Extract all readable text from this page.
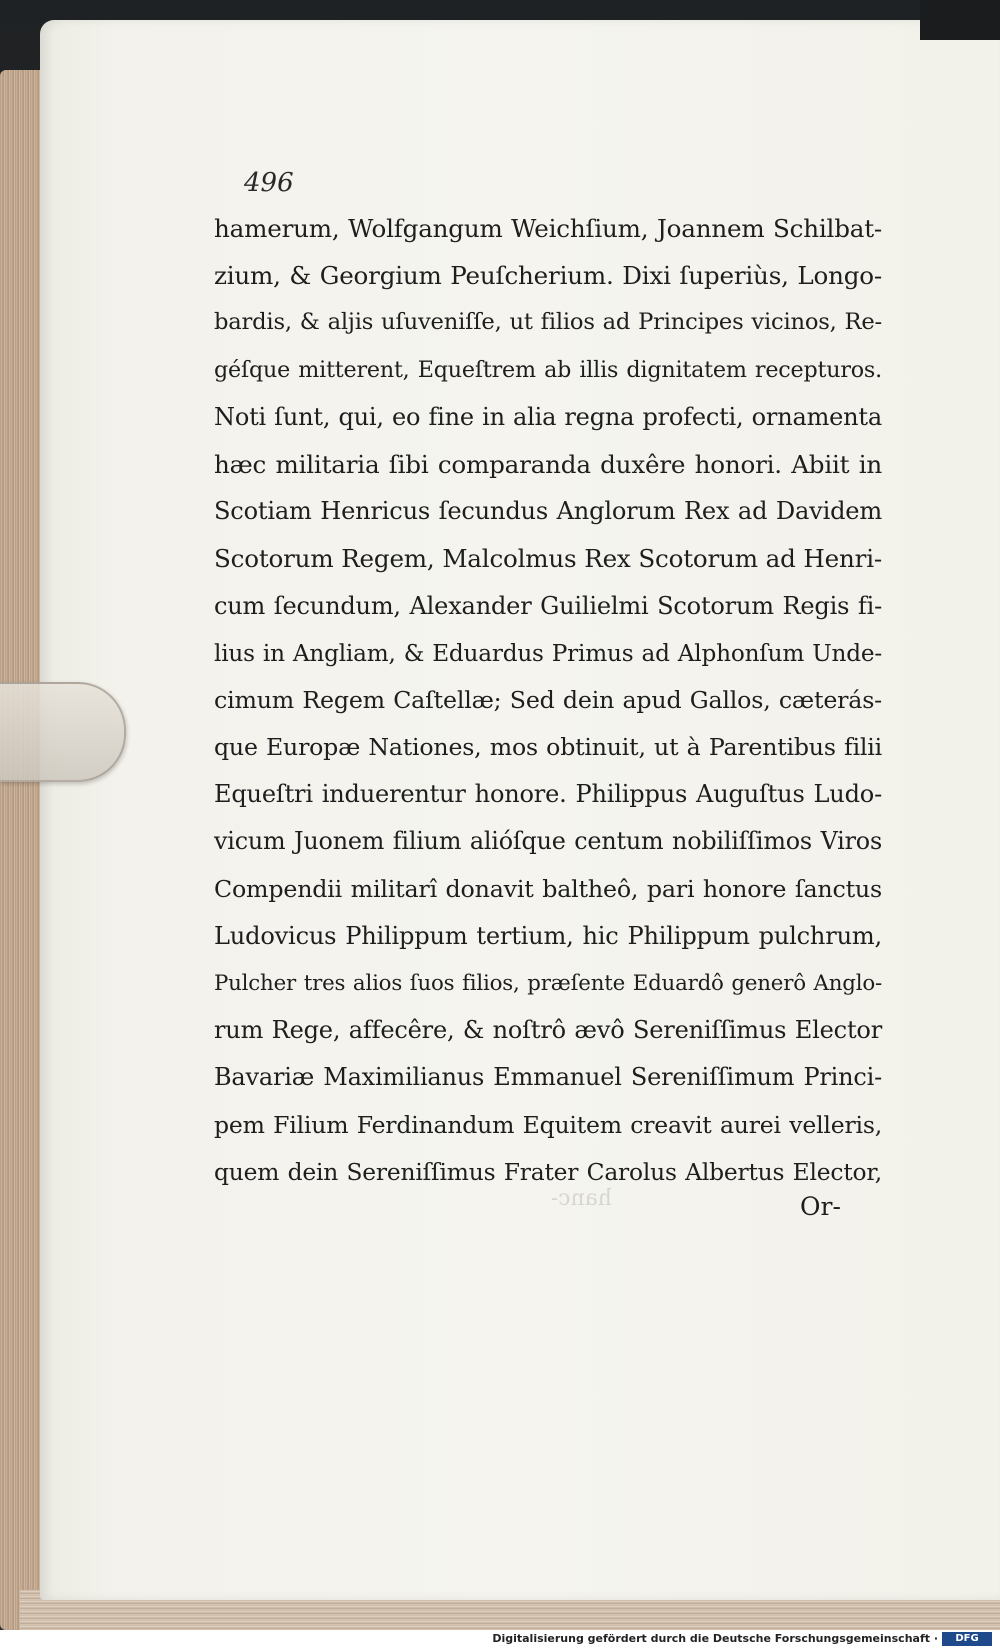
496
hamerum, Wolfgangum Weichſium, Joannem Schilbat-
zium, & Georgium Peuſcherium. Dixi ſuperiùs, Longo-
bardis, & aljis uſuveniſſe, ut filios ad Principes vicinos, Re-
géſque mitterent, Equeſtrem ab illis dignitatem recepturos.
Noti ſunt, qui, eo fine in alia regna profecti, ornamenta
hæc militaria ſibi comparanda duxêre honori. Abiit in
Scotiam Henricus ſecundus Anglorum Rex ad Davidem
Scotorum Regem, Malcolmus Rex Scotorum ad Henri-
cum ſecundum, Alexander Guilielmi Scotorum Regis fi-
lius in Angliam, & Eduardus Primus ad Alphonſum Unde-
cimum Regem Caſtellæ; Sed dein apud Gallos, cæterás-
que Europæ Nationes, mos obtinuit, ut à Parentibus filii
Equeſtri induerentur honore. Philippus Auguſtus Ludo-
vicum Juonem filium alióſque centum nobiliſſimos Viros
Compendii militarî donavit baltheô, pari honore ſanctus
Ludovicus Philippum tertium, hic Philippum pulchrum,
Pulcher tres alios ſuos filios, præſente Eduardô generô Anglo-
rum Rege, affecêre, & noſtrô ævô Sereniſſimus Elector
Bavariæ Maximilianus Emmanuel Sereniſſimum Princi-
pem Filium Ferdinandum Equitem creavit aurei velleris,
quem dein Sereniſſimus Frater Carolus Albertus Elector,
hanc-	Or-
Digitalisierung gefördert durch die Deutsche Forschungsgemeinschaft ·	DFG
